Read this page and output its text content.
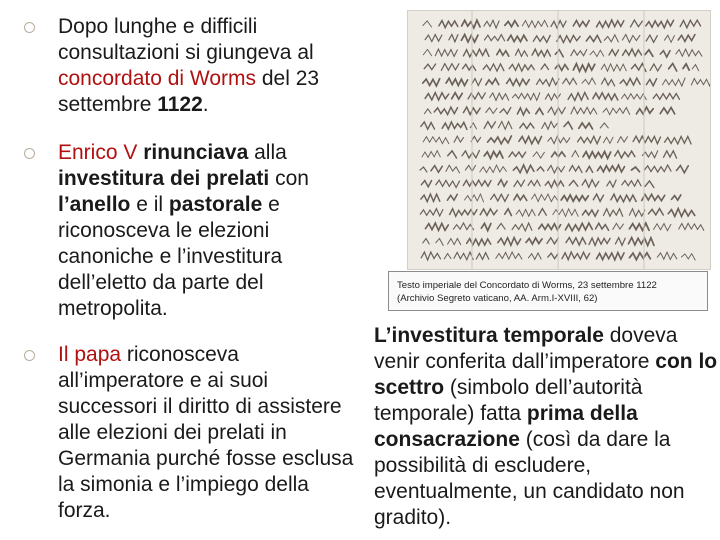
Dopo lunghe e difficili consultazioni si giungeva al concordato di Worms del 23 settembre 1122.
Enrico V rinunciava alla investitura dei prelati con l’anello e il pastorale e riconosceva le elezioni canoniche e l’investitura dell’eletto da parte del metropolita.
Il papa riconosceva all’imperatore e ai suoi successori il diritto di assistere alle elezioni dei prelati in Germania purché fosse esclusa la simonia e l’impiego della forza.
Testo imperiale del Concordato di Worms, 23 settembre 1122
(Archivio Segreto vaticano, AA. Arm.I-XVIII, 62)
L’investitura temporale doveva venir conferita dall’imperatore con lo scettro (simbolo dell’autorità temporale) fatta prima della consacrazione (così da dare la possibilità di escludere, eventualmente, un candidato non gradito).
